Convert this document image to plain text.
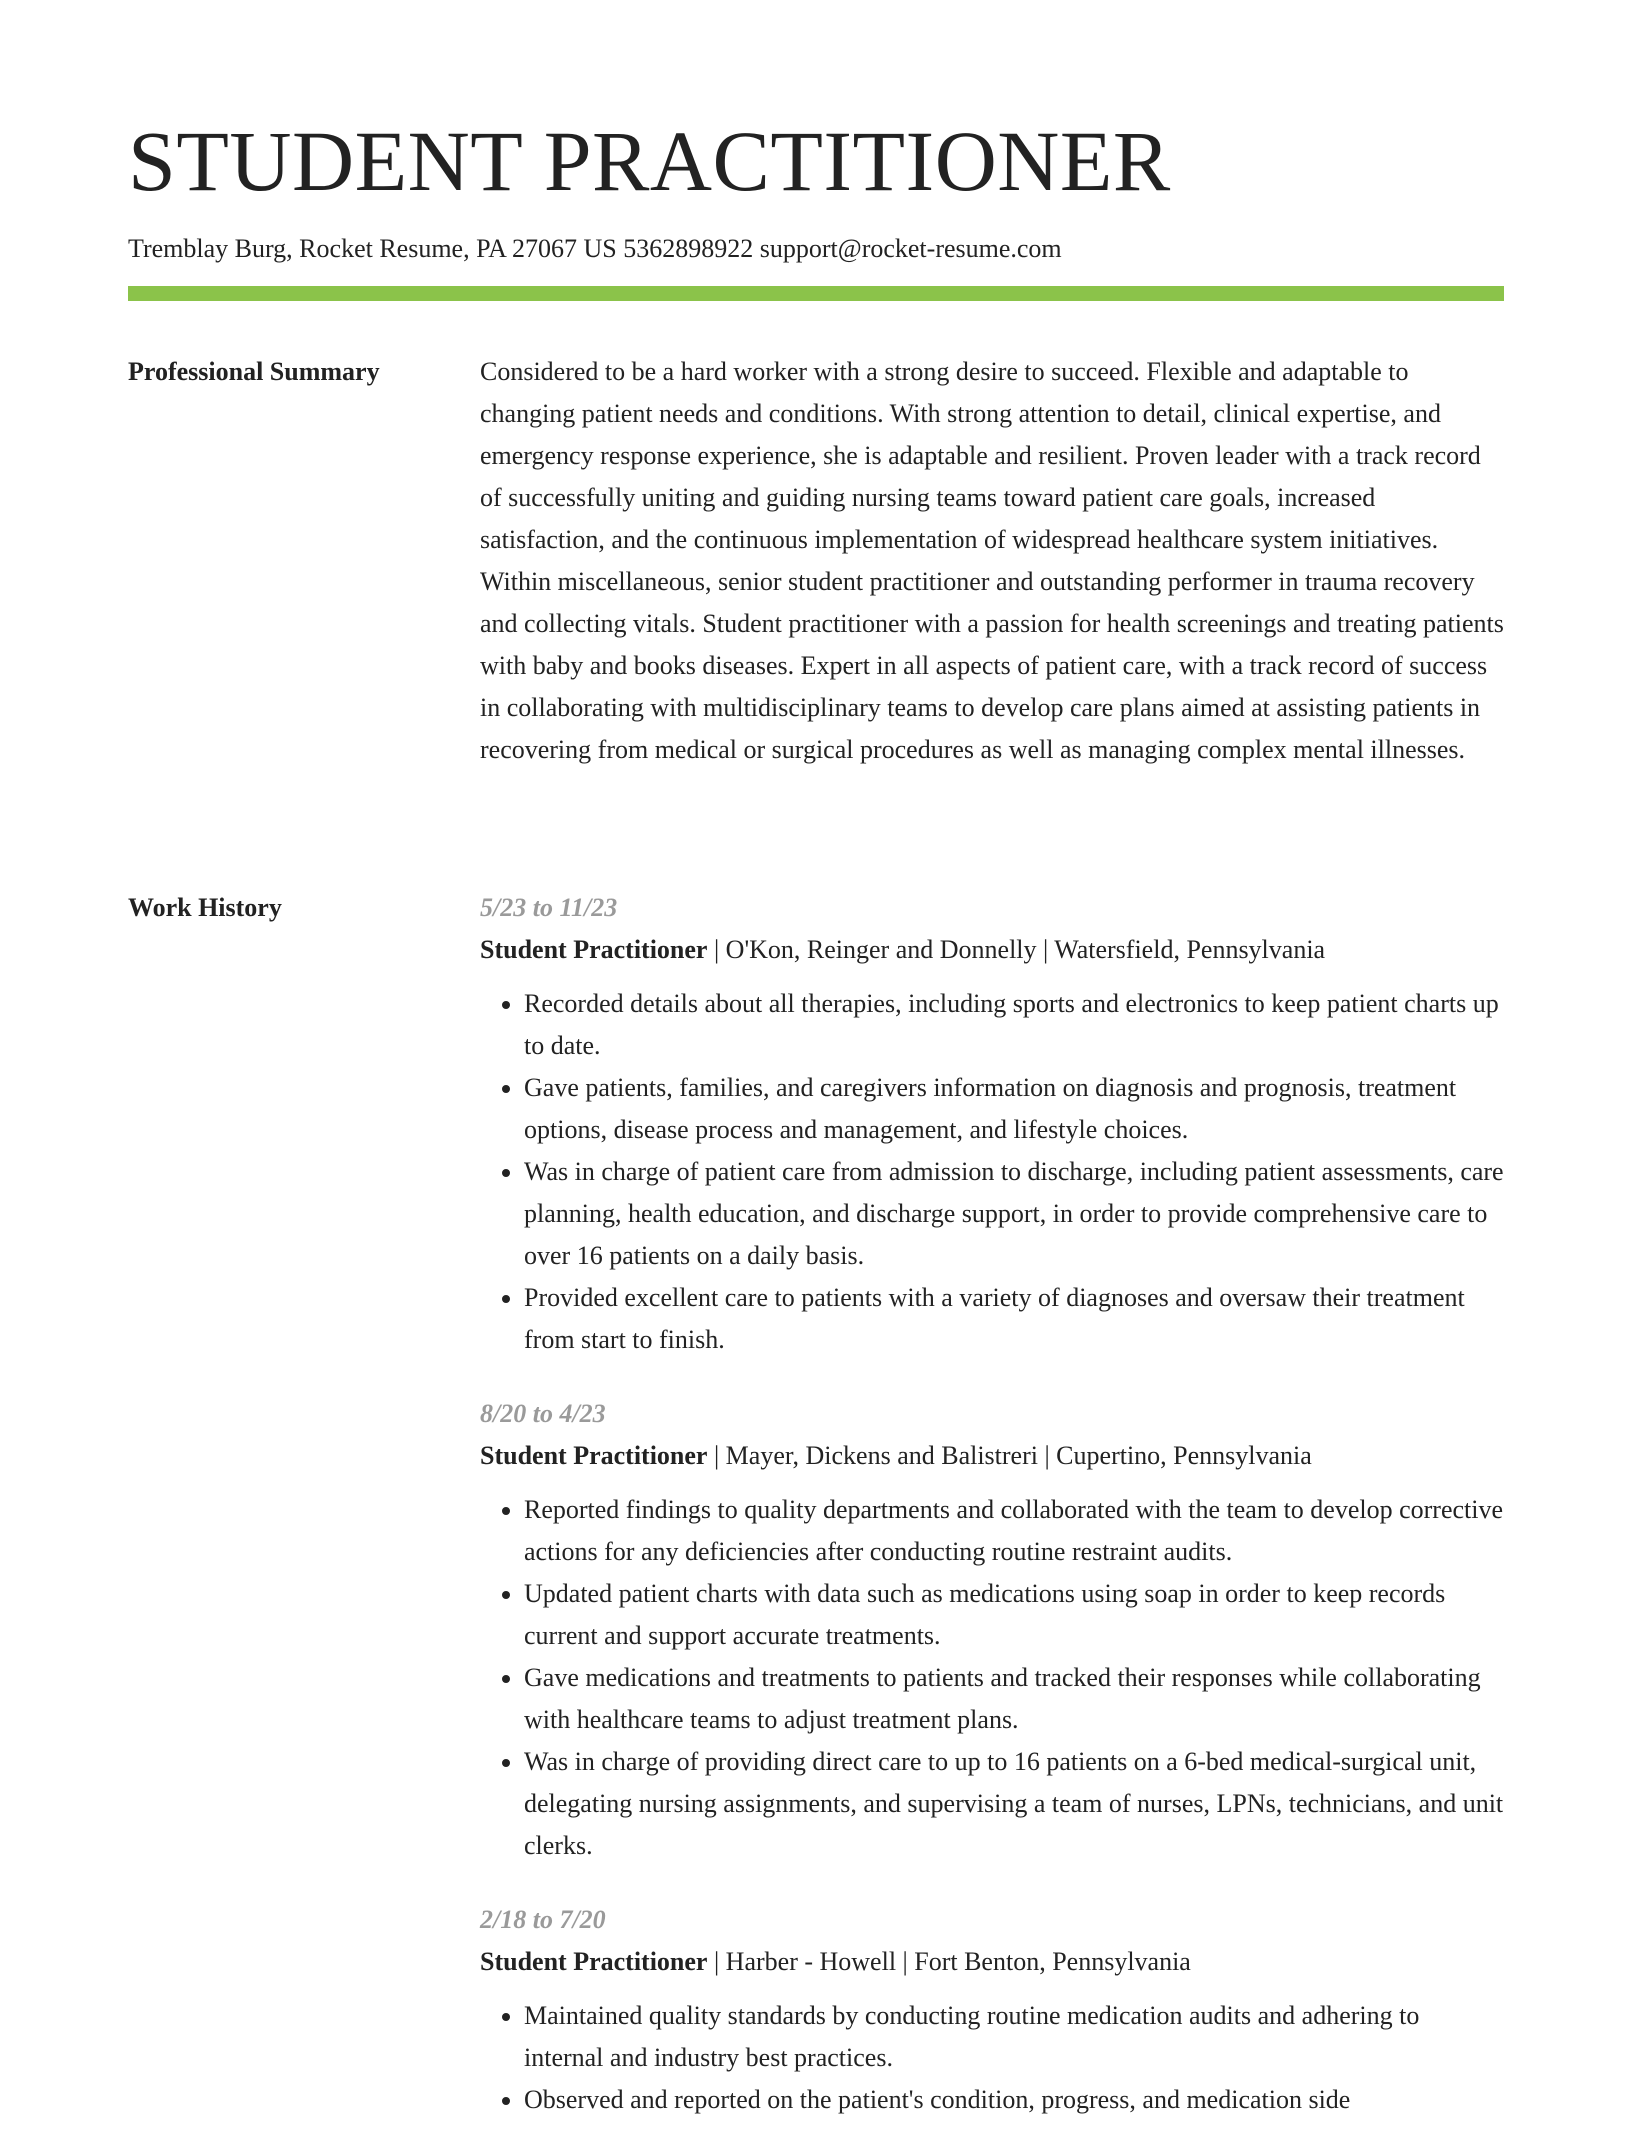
STUDENT PRACTITIONER
Tremblay Burg, Rocket Resume, PA 27067 US 5362898922 support@rocket-resume.com
Professional Summary	Considered to be a hard worker with a strong desire to succeed. Flexible and adaptable to changing patient needs and conditions. With strong attention to detail, clinical expertise, and emergency response experience, she is adaptable and resilient. Proven leader with a track record of successfully uniting and guiding nursing teams toward patient care goals, increased satisfaction, and the continuous implementation of widespread healthcare system initiatives. Within miscellaneous, senior student practitioner and outstanding performer in trauma recovery and collecting vitals. Student practitioner with a passion for health screenings and treating patients with baby and books diseases. Expert in all aspects of patient care, with a track record of success in collaborating with multidisciplinary teams to develop care plans aimed at assisting patients in recovering from medical or surgical procedures as well as managing complex mental illnesses.

Work History	5/23 to 11/23
Student Practitioner | O'Kon, Reinger and Donnelly | Watersfield, Pennsylvania
• Recorded details about all therapies, including sports and electronics to keep patient charts up to date.
• Gave patients, families, and caregivers information on diagnosis and prognosis, treatment options, disease process and management, and lifestyle choices.
• Was in charge of patient care from admission to discharge, including patient assessments, care planning, health education, and discharge support, in order to provide comprehensive care to over 16 patients on a daily basis.
• Provided excellent care to patients with a variety of diagnoses and oversaw their treatment from start to finish.
8/20 to 4/23
Student Practitioner | Mayer, Dickens and Balistreri | Cupertino, Pennsylvania
• Reported findings to quality departments and collaborated with the team to develop corrective actions for any deficiencies after conducting routine restraint audits.
• Updated patient charts with data such as medications using soap in order to keep records current and support accurate treatments.
• Gave medications and treatments to patients and tracked their responses while collaborating with healthcare teams to adjust treatment plans.
• Was in charge of providing direct care to up to 16 patients on a 6-bed medical-surgical unit, delegating nursing assignments, and supervising a team of nurses, LPNs, technicians, and unit clerks.
2/18 to 7/20
Student Practitioner | Harber - Howell | Fort Benton, Pennsylvania
• Maintained quality standards by conducting routine medication audits and adhering to internal and industry best practices.
• Observed and reported on the patient's condition, progress, and medication side
